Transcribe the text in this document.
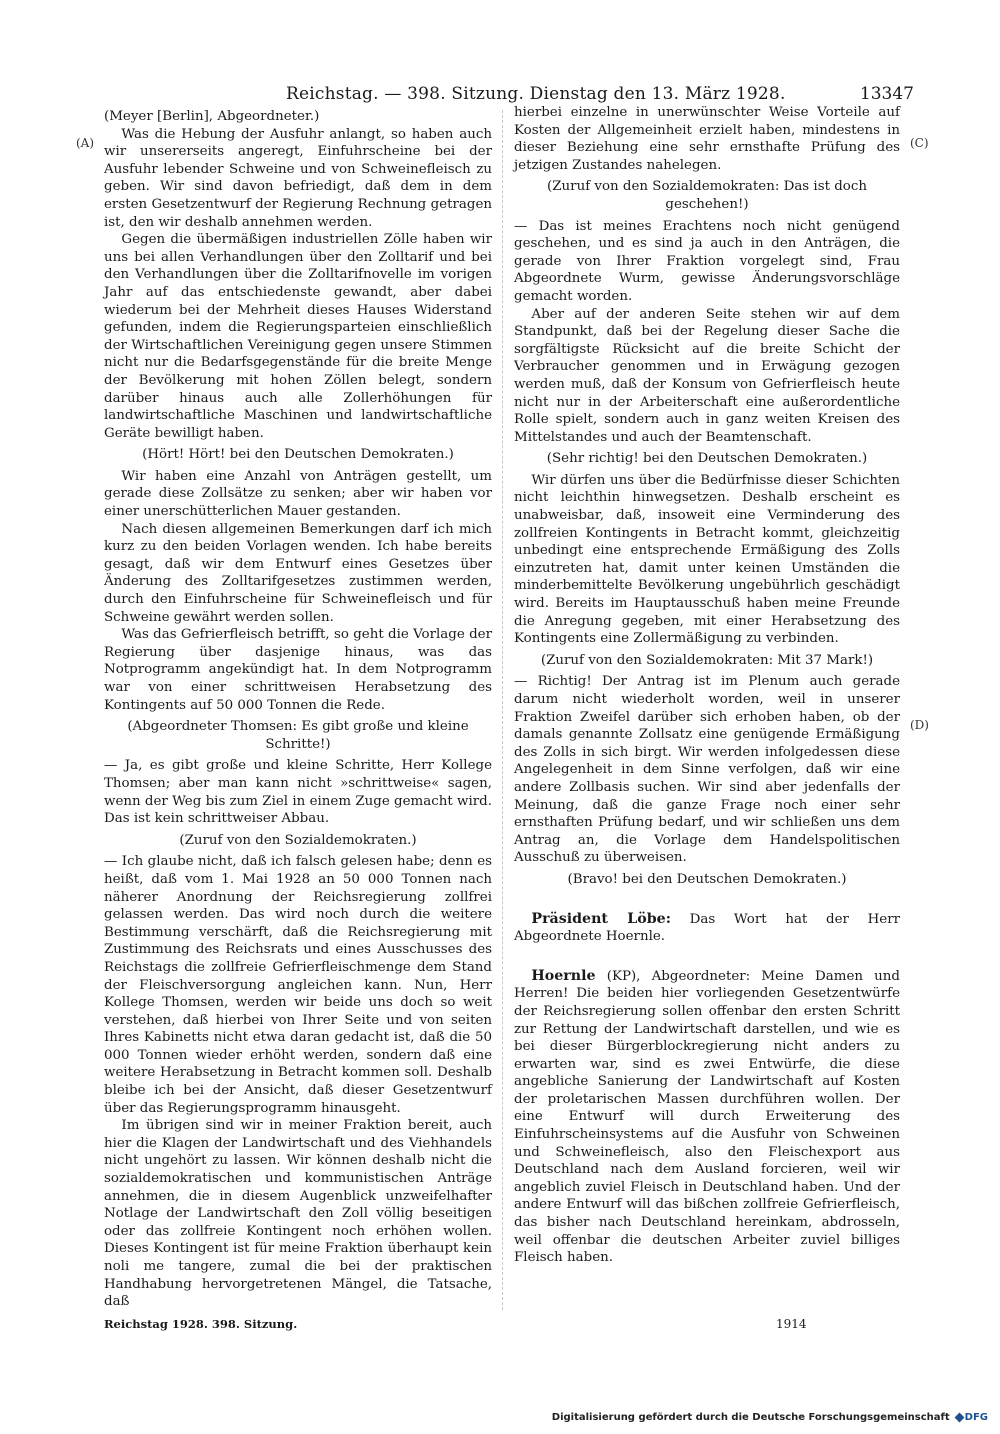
Reichstag. — 398. Sitzung. Dienstag den 13. März 1928.	13347
(A)	(C)
(D)

(Meyer [Berlin], Abgeordneter.)

Was die Hebung der Ausfuhr anlangt, so haben auch wir unsererseits angeregt, Einfuhrscheine bei der Ausfuhr lebender Schweine und von Schweinefleisch zu geben. Wir sind davon befriedigt, daß dem in dem ersten Gesetzentwurf der Regierung Rechnung getragen ist, den wir deshalb annehmen werden.

Gegen die übermäßigen industriellen Zölle haben wir uns bei allen Verhandlungen über den Zolltarif und bei den Verhandlungen über die Zolltarifnovelle im vorigen Jahr auf das entschiedenste gewandt, aber dabei wiederum bei der Mehrheit dieses Hauses Widerstand gefunden, indem die Regierungsparteien einschließlich der Wirtschaftlichen Vereinigung gegen unsere Stimmen nicht nur die Bedarfsgegenstände für die breite Menge der Bevölkerung mit hohen Zöllen belegt, sondern darüber hinaus auch alle Zollerhöhungen für landwirtschaftliche Maschinen und landwirtschaftliche Geräte bewilligt haben.

(Hört! Hört! bei den Deutschen Demokraten.)

Wir haben eine Anzahl von Anträgen gestellt, um gerade diese Zollsätze zu senken; aber wir haben vor einer unerschütterlichen Mauer gestanden.

Nach diesen allgemeinen Bemerkungen darf ich mich kurz zu den beiden Vorlagen wenden. Ich habe bereits gesagt, daß wir dem Entwurf eines Gesetzes über Änderung des Zolltarifgesetzes zustimmen werden, durch den Einfuhrscheine für Schweinefleisch und für Schweine gewährt werden sollen.

Was das Gefrierfleisch betrifft, so geht die Vorlage der Regierung über dasjenige hinaus, was das Notprogramm angekündigt hat. In dem Notprogramm war von einer schrittweisen Herabsetzung des Kontingents auf 50 000 Tonnen die Rede.

(Abgeordneter Thomsen: Es gibt große und kleine Schritte!)

— Ja, es gibt große und kleine Schritte, Herr Kollege Thomsen; aber man kann nicht »schrittweise« sagen, wenn der Weg bis zum Ziel in einem Zuge gemacht wird. Das ist kein schrittweiser Abbau.

(Zuruf von den Sozialdemokraten.)

— Ich glaube nicht, daß ich falsch gelesen habe; denn es heißt, daß vom 1. Mai 1928 an 50 000 Tonnen nach näherer Anordnung der Reichsregierung zollfrei gelassen werden. Das wird noch durch die weitere Bestimmung verschärft, daß die Reichsregierung mit Zustimmung des Reichsrats und eines Ausschusses des Reichstags die zollfreie Gefrierfleischmenge dem Stand der Fleischversorgung angleichen kann. Nun, Herr Kollege Thomsen, werden wir beide uns doch so weit verstehen, daß hierbei von Ihrer Seite und von seiten Ihres Kabinetts nicht etwa daran gedacht ist, daß die 50 000 Tonnen wieder erhöht werden, sondern daß eine weitere Herabsetzung in Betracht kommen soll. Deshalb bleibe ich bei der Ansicht, daß dieser Gesetzentwurf über das Regierungsprogramm hinausgeht.

Im übrigen sind wir in meiner Fraktion bereit, auch hier die Klagen der Landwirtschaft und des Viehhandels nicht ungehört zu lassen. Wir können deshalb nicht die sozialdemokratischen und kommunistischen Anträge annehmen, die in diesem Augenblick unzweifelhafter Notlage der Landwirtschaft den Zoll völlig beseitigen oder das zollfreie Kontingent noch erhöhen wollen. Dieses Kontingent ist für meine Fraktion überhaupt kein noli me tangere, zumal die bei der praktischen Handhabung hervorgetretenen Mängel, die Tatsache, daß

hierbei einzelne in unerwünschter Weise Vorteile auf Kosten der Allgemeinheit erzielt haben, mindestens in dieser Beziehung eine sehr ernsthafte Prüfung des jetzigen Zustandes nahelegen.

(Zuruf von den Sozialdemokraten: Das ist doch geschehen!)

— Das ist meines Erachtens noch nicht genügend geschehen, und es sind ja auch in den Anträgen, die gerade von Ihrer Fraktion vorgelegt sind, Frau Abgeordnete Wurm, gewisse Änderungsvorschläge gemacht worden.

Aber auf der anderen Seite stehen wir auf dem Standpunkt, daß bei der Regelung dieser Sache die sorgfältigste Rücksicht auf die breite Schicht der Verbraucher genommen und in Erwägung gezogen werden muß, daß der Konsum von Gefrierfleisch heute nicht nur in der Arbeiterschaft eine außerordentliche Rolle spielt, sondern auch in ganz weiten Kreisen des Mittelstandes und auch der Beamtenschaft.

(Sehr richtig! bei den Deutschen Demokraten.)

Wir dürfen uns über die Bedürfnisse dieser Schichten nicht leichthin hinwegsetzen. Deshalb erscheint es unabweisbar, daß, insoweit eine Verminderung des zollfreien Kontingents in Betracht kommt, gleichzeitig unbedingt eine entsprechende Ermäßigung des Zolls einzutreten hat, damit unter keinen Umständen die minderbemittelte Bevölkerung ungebührlich geschädigt wird. Bereits im Hauptausschuß haben meine Freunde die Anregung gegeben, mit einer Herabsetzung des Kontingents eine Zollermäßigung zu verbinden.

(Zuruf von den Sozialdemokraten: Mit 37 Mark!)

— Richtig! Der Antrag ist im Plenum auch gerade darum nicht wiederholt worden, weil in unserer Fraktion Zweifel darüber sich erhoben haben, ob der damals genannte Zollsatz eine genügende Ermäßigung des Zolls in sich birgt. Wir werden infolgedessen diese Angelegenheit in dem Sinne verfolgen, daß wir eine andere Zollbasis suchen. Wir sind aber jedenfalls der Meinung, daß die ganze Frage noch einer sehr ernsthaften Prüfung bedarf, und wir schließen uns dem Antrag an, die Vorlage dem Handelspolitischen Ausschuß zu überweisen.

(Bravo! bei den Deutschen Demokraten.)

Präsident Löbe: Das Wort hat der Herr Abgeordnete Hoernle.

Hoernle (KP), Abgeordneter: Meine Damen und Herren! Die beiden hier vorliegenden Gesetzentwürfe der Reichsregierung sollen offenbar den ersten Schritt zur Rettung der Landwirtschaft darstellen, und wie es bei dieser Bürgerblockregierung nicht anders zu erwarten war, sind es zwei Entwürfe, die diese angebliche Sanierung der Landwirtschaft auf Kosten der proletarischen Massen durchführen wollen. Der eine Entwurf will durch Erweiterung des Einfuhrscheinsystems auf die Ausfuhr von Schweinen und Schweinefleisch, also den Fleischexport aus Deutschland nach dem Ausland forcieren, weil wir angeblich zuviel Fleisch in Deutschland haben. Und der andere Entwurf will das bißchen zollfreie Gefrierfleisch, das bisher nach Deutschland hereinkam, abdrosseln, weil offenbar die deutschen Arbeiter zuviel billiges Fleisch haben.

Reichstag 1928. 398. Sitzung.	1914
Digitalisierung gefördert durch die Deutsche Forschungsgemeinschaft DFG
